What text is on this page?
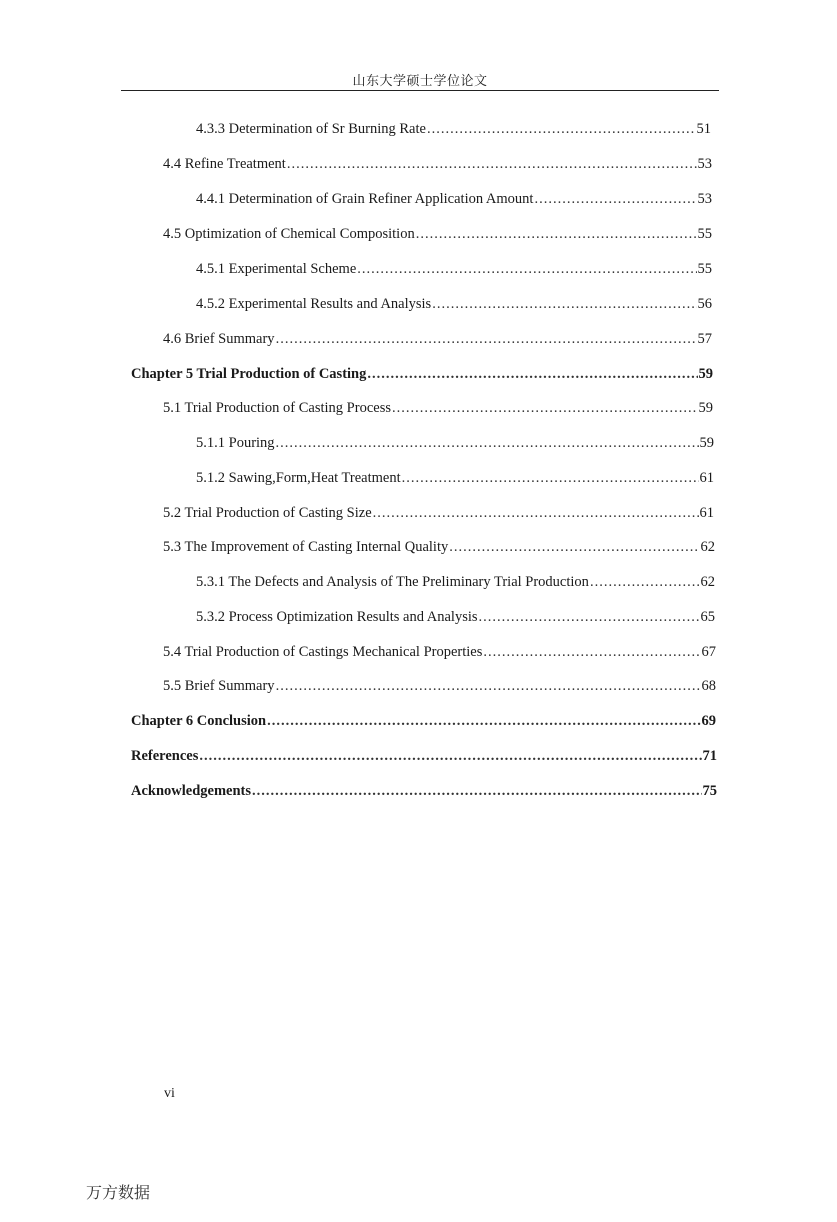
山东大学硕士学位论文
4.3.3 Determination of Sr Burning Rate .....	51
4.4 Refine Treatment .....	53
4.4.1 Determination of Grain Refiner Application Amount .....	53
4.5 Optimization of Chemical Composition .....	55
4.5.1 Experimental Scheme .....	55
4.5.2 Experimental Results and Analysis .....	56
4.6 Brief Summary .....	57
Chapter 5 Trial Production of Casting .....	59
5.1 Trial Production of Casting Process .....	59
5.1.1 Pouring .....	59
5.1.2 Sawing,Form,Heat Treatment .....	61
5.2 Trial Production of Casting Size .....	61
5.3 The Improvement of Casting Internal Quality .....	62
5.3.1 The Defects and Analysis of The Preliminary Trial Production .....	62
5.3.2 Process Optimization Results and Analysis .....	65
5.4 Trial Production of Castings Mechanical Properties .....	67
5.5 Brief Summary .....	68
Chapter 6 Conclusion .....	69
References .....	71
Acknowledgements .....	75
vi
万方数据
